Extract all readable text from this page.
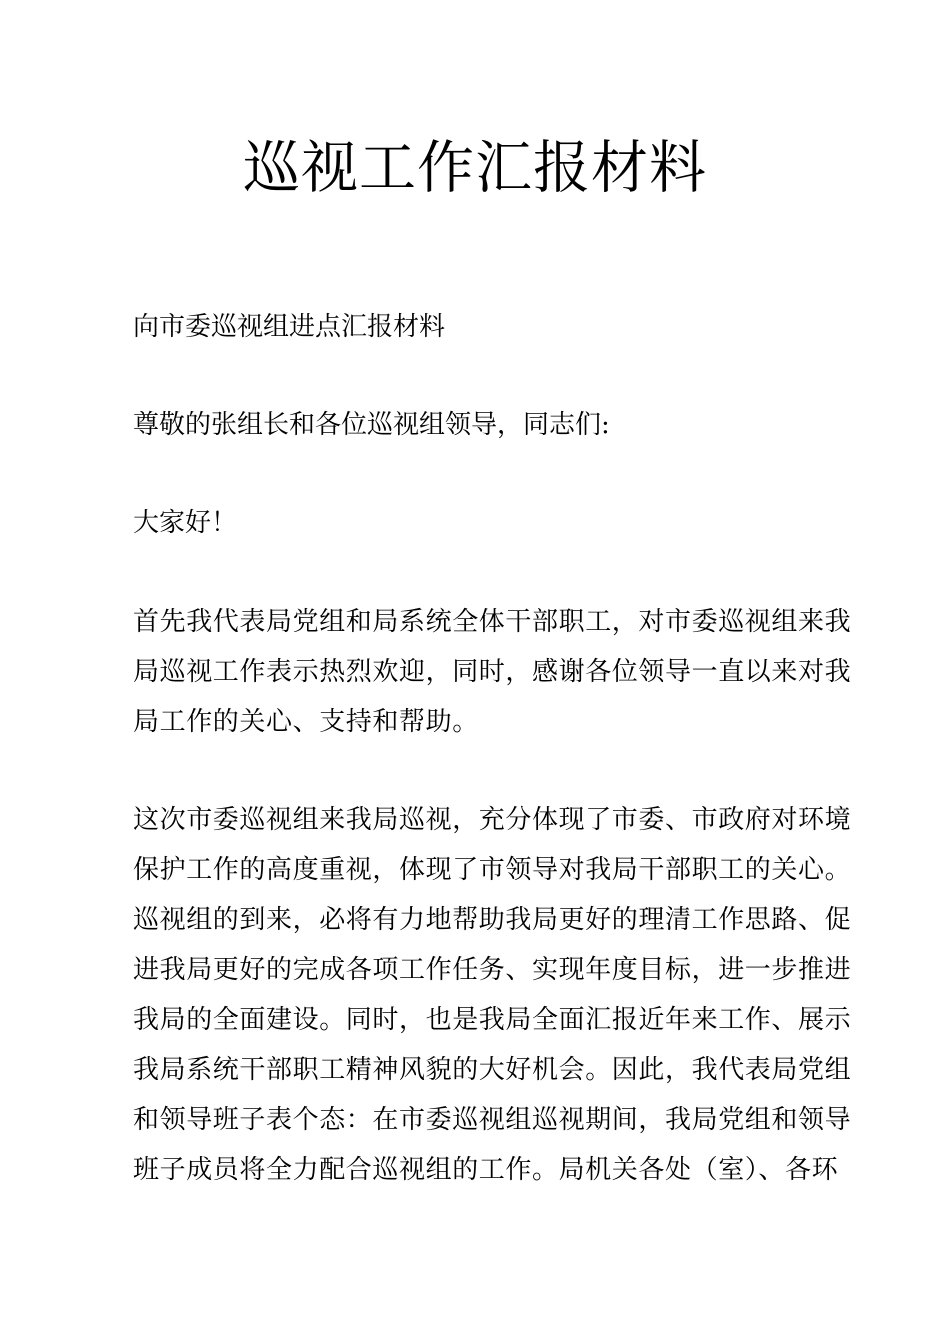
巡视工作汇报材料

向市委巡视组进点汇报材料

尊敬的张组长和各位巡视组领导，同志们:

大家好！

首先我代表局党组和局系统全体干部职工，对市委巡视组来我
局巡视工作表示热烈欢迎，同时，感谢各位领导一直以来对我
局工作的关心、支持和帮助。
这次市委巡视组来我局巡视，充分体现了市委、市政府对环境
保护工作的高度重视，体现了市领导对我局干部职工的关心。
巡视组的到来，必将有力地帮助我局更好的理清工作思路、促
进我局更好的完成各项工作任务、实现年度目标，进一步推进
我局的全面建设。同时，也是我局全面汇报近年来工作、展示
我局系统干部职工精神风貌的大好机会。因此，我代表局党组
和领导班子表个态：在市委巡视组巡视期间，我局党组和领导
班子成员将全力配合巡视组的工作。局机关各处（室）、各环
